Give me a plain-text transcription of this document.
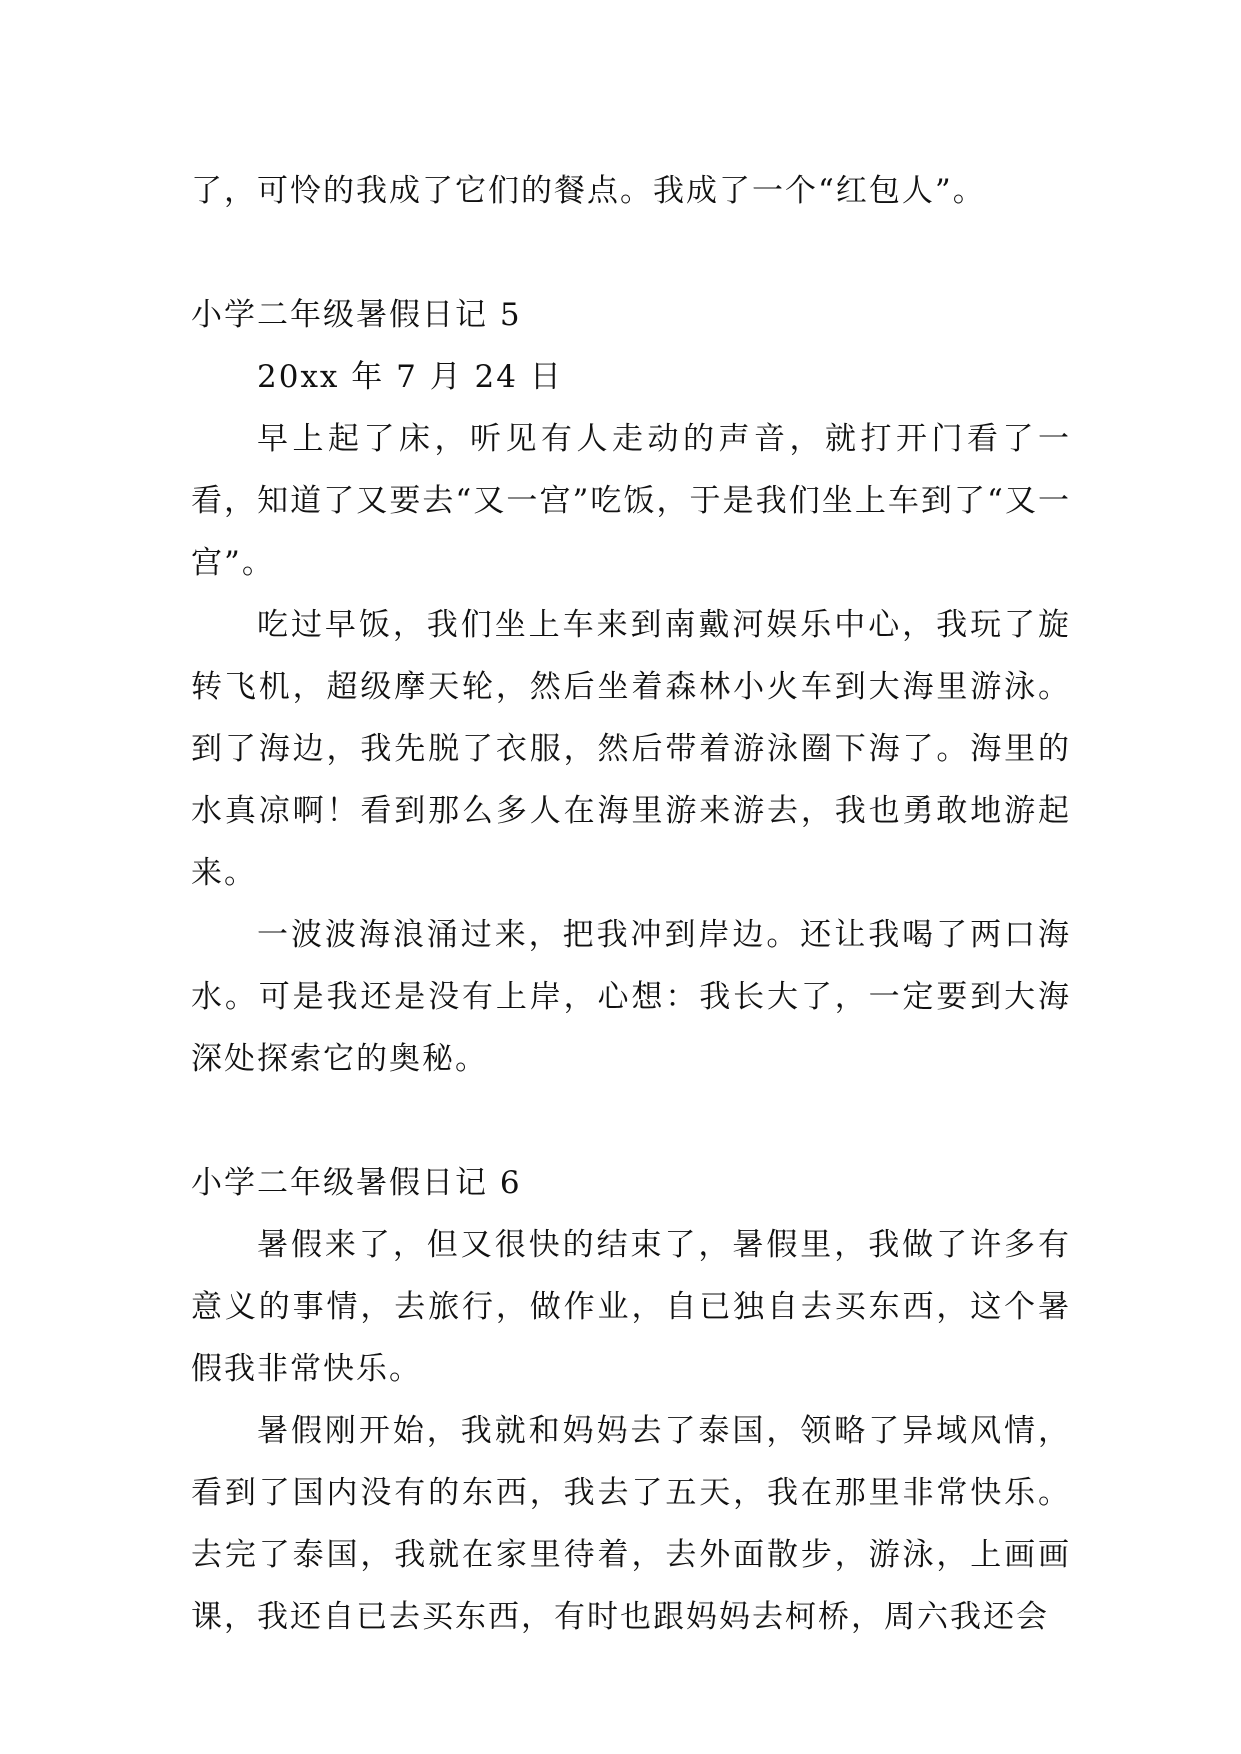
了，可怜的我成了它们的餐点。我成了一个“红包人”。

小学二年级暑假日记 5

20xx 年 7 月 24 日

早上起了床，听见有人走动的声音，就打开门看了一看，知道了又要去“又一宫”吃饭，于是我们坐上车到了“又一宫”。

吃过早饭，我们坐上车来到南戴河娱乐中心，我玩了旋转飞机，超级摩天轮，然后坐着森林小火车到大海里游泳。到了海边，我先脱了衣服，然后带着游泳圈下海了。海里的水真凉啊！看到那么多人在海里游来游去，我也勇敢地游起来。

一波波海浪涌过来，把我冲到岸边。还让我喝了两口海水。可是我还是没有上岸，心想：我长大了，一定要到大海深处探索它的奥秘。

小学二年级暑假日记 6

暑假来了，但又很快的结束了，暑假里，我做了许多有意义的事情，去旅行，做作业，自已独自去买东西，这个暑假我非常快乐。

暑假刚开始，我就和妈妈去了泰国，领略了异域风情，看到了国内没有的东西，我去了五天，我在那里非常快乐。去完了泰国，我就在家里待着，去外面散步，游泳，上画画课，我还自已去买东西，有时也跟妈妈去柯桥，周六我还会
